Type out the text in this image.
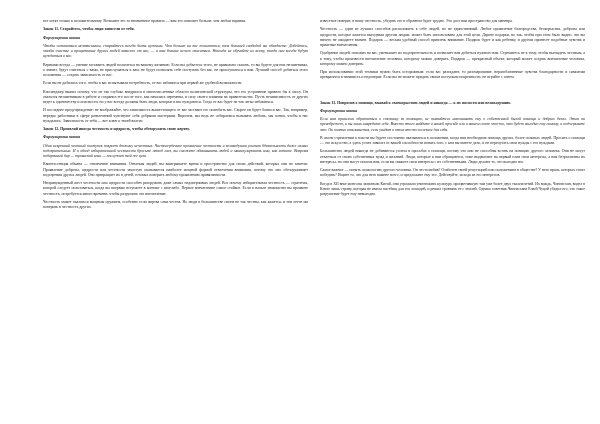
все хотят только к положительному. Возьмите это за неизменное правило — вам это поможет больше, чем любая тирания.

Закон 11. Старайтесь, чтобы люди зависели от тебя.

Формулировка закона

Чтобы оставаться независимым, старайтесь всегда быть нужным. Чем больше на вас полагаются, тем большей свободой вы обладаете. Добейтесь, чтобы счастье и процветание других людей зависело от вас, — и вам больше нечего опасаться. Никогда не обучайте их всему, тогда они всегда будут нуждаться в вас.

Верными всегда — умение заставить людей полагаться на вашему желанию. Если вы добьетесь этого, не правильно сказать, то вы будете для них незаменимы, а значит, будут считаться с вами, не прислушаться к вам, не будут позволять себе поступать без вас, не прислушаться к вам. Лучший способ добиться этого положения — создать зависимость от вас.

Если вы не добились того, чтобы в вас испытывали потребность, от вас избавятся при первой же удобной возможности.

Киссинджер выжил потому, что он так глубоко внедрился в многочисленные области политической структуры, что его устранение привело бы к хаосу. Он оказался незаменимым в работе и сохранил его после того, как начались перемены, в силу своего влияния на правительство. Пусть независимость от других ведет к одиночеству и опасности, но у вас всегда должны быть люди, которые в вас нуждаются. Тогда от вас будет не так легко избавиться.

И последнее предупреждение: не воображайте, что зависимость вышестоящего от вас заставит его полюбить вас. Скорее он будет бояться вас. Так, например, нередко работники в сфере развлечений чувствуют себя добрыми мастерами. Впрочем, мы ведь не собираемся вызывать любовь, мы хотим, чтобы в нас нуждались. Зависимость от тебя — вот ключ к твоей власти.

Закон 12. Проявляй иногда честность и щедрость, чтобы обезоружить свою жертву.

Формулировка закона

Один искренний честный поступок покроет дюжину нечестных. Чистосердечное проявление честности и великодушия усыпит бдительность даже самых подозрительных. И в обход избирательной честности бросьте отвод глаз, вы сможете обманывать людей и манипулировать ими, как хотите. Вовремя подаренный дар — троянский конь — послужит той же цели.

Квинтэссенция обмана — отвлечение внимания. Отвлекая людей, вы выигрываете время и пространство для своих действий, которых они не заметят. Проявление доброты, щедрости или честности зачастую оказывается наиболее мощной формой отвлечения внимания, потому что оно обезоруживает подозрения других людей. Оно превращает их в детей, готовых поверить любому проявлению привязанности.

Непринужденный жест честности или щедрости способен разоружить даже самых недоверчивых людей. Вот почему избирательная честность — стратегия, которой следует пользоваться, когда вы впервые вступаете в контакт с кем-либо. Первое впечатление самое стойкое. Если в начале знакомства вы проявите честность, потребуется много времени, чтобы разрушить это впечатление.

Честность может оказаться мощным оружием, особенно если жертва сама честна. Но люди в большинстве своем не так честны, как кажется, и тем легче им поверить в честность других.

известное поверит, в вашу честность, убедить его в обратном будет трудно. Это даст вам пространство для маневра.

Честность — один из лучших способов расположить к себе людей, но не единственный. Любое проявление благородства, бескорыстия, доброты или щедрости, которое кажется выгодным другим людям, может быть использовано для этой цели. Дарите подарки, но так, чтобы при этом было видно, что вы ничего не ожидаете взамен. Подарок — весьма удобный способ привлечь внимание. Подарок будет и как ребенку, и другим принесет подобные чувства и приятные впечатления.

Одобрение людей, похожих на вас, уменьшает их подозрительность и позволяет вам добиться нужного вам. Стремитесь не к тому, чтобы выглядеть честным, а к тому, чтобы произвести впечатление человека, которому можно доверять. Подарок — прекрасный объект, который может создать впечатление человека, которому можно доверять.

При использовании этой техники нужно быть осторожным: если вас разгадают, то разочарование, неразоблаченные чувства благодарности и симпатии превратятся в ненависть и недоверие. Если вы не можете придать своим поступкам искренности, не играйте с огнем.

Закон 13. Попросив о помощи, взывай к своекорыстию людей и никогда — к их милости или великодушию.

Формулировка закона

Если вам пришлось обратиться к союзнику за помощью, не пытайтесь напоминать ему о собственной былой помощи и добрых делах. Этим он пренебрежет, и вы лишь навредите себе. Вместо этого найдите в вашей просьбе или в вашем союзе что-то, что будет выгодно ему самому, и подчеркните это. Он охотно откликнется, если увидит в этом что-то полезное для себя.

В своем стремлении к власти вы будете постоянно оказываться в положении, когда вам необходима помощь других, более сильных людей. Просить о помощи — это искусство, а здесь успех зависит от вашей способности понять того, с кем вы имеете дело, и не перепутать свои нужды с его нуждами.

Большинство людей никогда не добиваются успеха в просьбах о помощи, потому что они не способны встать на позицию другого человека. Они не могут отвлечься от своих собственных нужд и желаний. Люди, которые к вам обращаются, тоже выдвигают на первый план свои интересы, а вам безразличны их интересы, но они могут помочь вам, если вы свяжете свои интересы с их собственными. Люди делают то, что выгодно им.

Самое важное — понять психологию другого человека. Он честолюбив? Озабочен своей репутацией или положением в обществе? У него враги, которых стоит победить? Ищите то, что для него важнее всего, и предложите ему это. Действуйте, исходя из его интересов.

Когда в XII веке монголы захватили Китай, они угрожали уничтожить культуру, процветавшую там уже более двух тысячелетий. Их вождь, Чингисхан, видел в Китае лишь страну, которая не имела пастбищ для его лошадей, и решил сровнять ее с землей. Однако советник Чингисхана Елюй Чуцай убедил его, что такое разрушение будет ему невыгодно.
